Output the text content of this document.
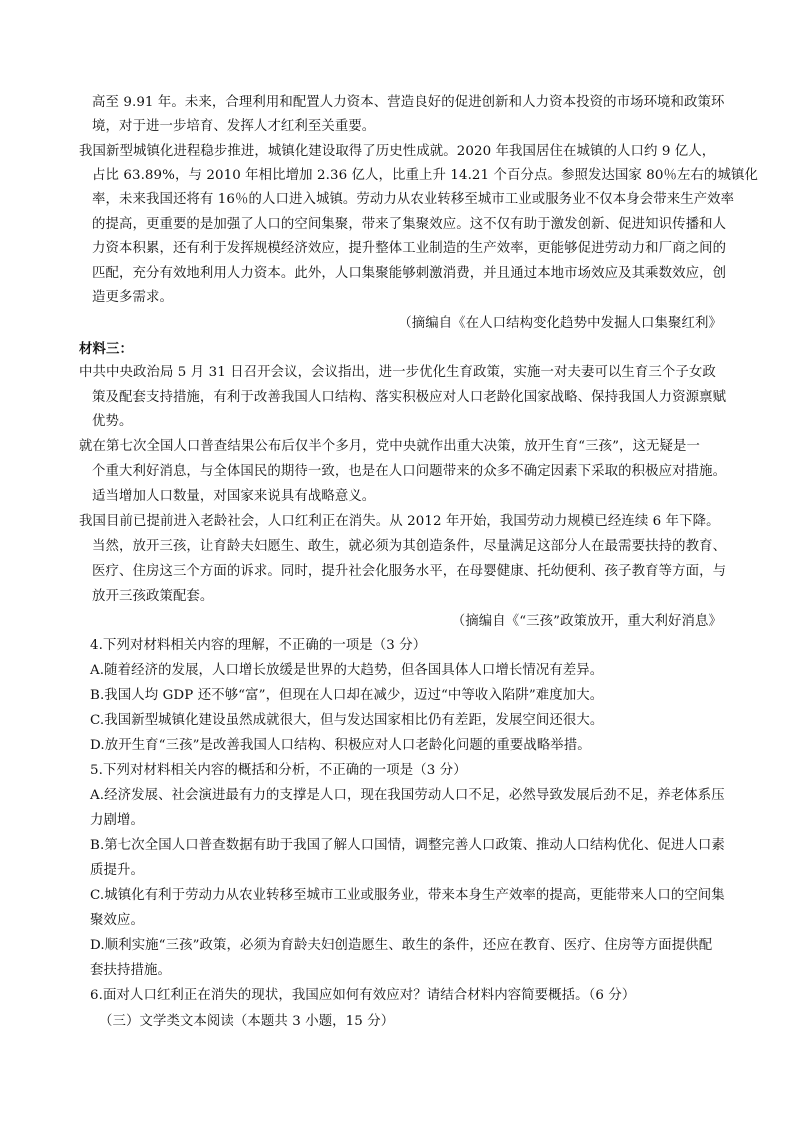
高至 9.91 年。未来，合理利用和配置人力资本、营造良好的促进创新和人力资本投资的市场环境和政策环
境，对于进一步培育、发挥人才红利至关重要。
我国新型城镇化进程稳步推进，城镇化建设取得了历史性成就。2020 年我国居住在城镇的人口约 9 亿人，
占比 63.89%，与 2010 年相比增加 2.36 亿人，比重上升 14.21 个百分点。参照发达国家 80％左右的城镇化
率，未来我国还将有 16％的人口进入城镇。劳动力从农业转移至城市工业或服务业不仅本身会带来生产效率
的提高，更重要的是加强了人口的空间集聚，带来了集聚效应。这不仅有助于激发创新、促进知识传播和人
力资本积累，还有利于发挥规模经济效应，提升整体工业制造的生产效率，更能够促进劳动力和厂商之间的
匹配，充分有效地利用人力资本。此外，人口集聚能够刺激消费，并且通过本地市场效应及其乘数效应，创
造更多需求。
（摘编自《在人口结构变化趋势中发掘人口集聚红利》
材料三：
中共中央政治局 5 月 31 日召开会议，会议指出，进一步优化生育政策，实施一对夫妻可以生育三个子女政
策及配套支持措施，有利于改善我国人口结构、落实积极应对人口老龄化国家战略、保持我国人力资源禀赋
优势。
就在第七次全国人口普查结果公布后仅半个多月，党中央就作出重大决策，放开生育“三孩”，这无疑是一
个重大利好消息，与全体国民的期待一致，也是在人口问题带来的众多不确定因素下采取的积极应对措施。
适当增加人口数量，对国家来说具有战略意义。
我国目前已提前进入老龄社会，人口红利正在消失。从 2012 年开始，我国劳动力规模已经连续 6 年下降。
当然，放开三孩，让育龄夫妇愿生、敢生，就必须为其创造条件，尽量满足这部分人在最需要扶持的教育、
医疗、住房这三个方面的诉求。同时，提升社会化服务水平，在母婴健康、托幼便利、孩子教育等方面，与
放开三孩政策配套。
（摘编自《“三孩”政策放开，重大利好消息》
4.下列对材料相关内容的理解，不正确的一项是（3 分）
A.随着经济的发展，人口增长放缓是世界的大趋势，但各国具体人口增长情况有差异。
B.我国人均 GDP 还不够“富”，但现在人口却在减少，迈过“中等收入陷阱”难度加大。
C.我国新型城镇化建设虽然成就很大，但与发达国家相比仍有差距，发展空间还很大。
D.放开生育“三孩”是改善我国人口结构、积极应对人口老龄化问题的重要战略举措。
5.下列对材料相关内容的概括和分析，不正确的一项是（3 分）
A.经济发展、社会演进最有力的支撑是人口，现在我国劳动人口不足，必然导致发展后劲不足，养老体系压
力剧增。
B.第七次全国人口普查数据有助于我国了解人口国情，调整完善人口政策、推动人口结构优化、促进人口素
质提升。
C.城镇化有利于劳动力从农业转移至城市工业或服务业，带来本身生产效率的提高，更能带来人口的空间集
聚效应。
D.顺利实施“三孩”政策，必须为育龄夫妇创造愿生、敢生的条件，还应在教育、医疗、住房等方面提供配
套扶持措施。
6.面对人口红利正在消失的现状，我国应如何有效应对？请结合材料内容简要概括。（6 分）
（三）文学类文本阅读（本题共 3 小题，15 分）
